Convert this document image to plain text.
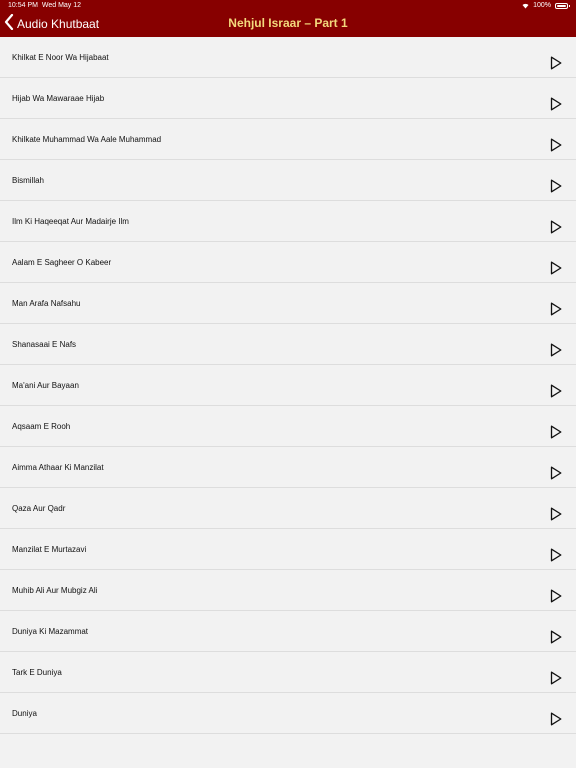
10:54 PM Wed May 12	100%
Audio Khutbaat	Nehjul Israar – Part 1
Khilkat E Noor Wa Hijabaat
Hijab Wa Mawaraae Hijab
Khilkate Muhammad Wa Aale Muhammad
Bismillah
Ilm Ki Haqeeqat Aur Madairje Ilm
Aalam E Sagheer O Kabeer
Man Arafa Nafsahu
Shanasaai E Nafs
Ma'ani Aur Bayaan
Aqsaam E Rooh
Aimma Athaar Ki Manzilat
Qaza Aur Qadr
Manzilat E Murtazavi
Muhib Ali Aur Mubgiz Ali
Duniya Ki Mazammat
Tark E Duniya
Duniya
